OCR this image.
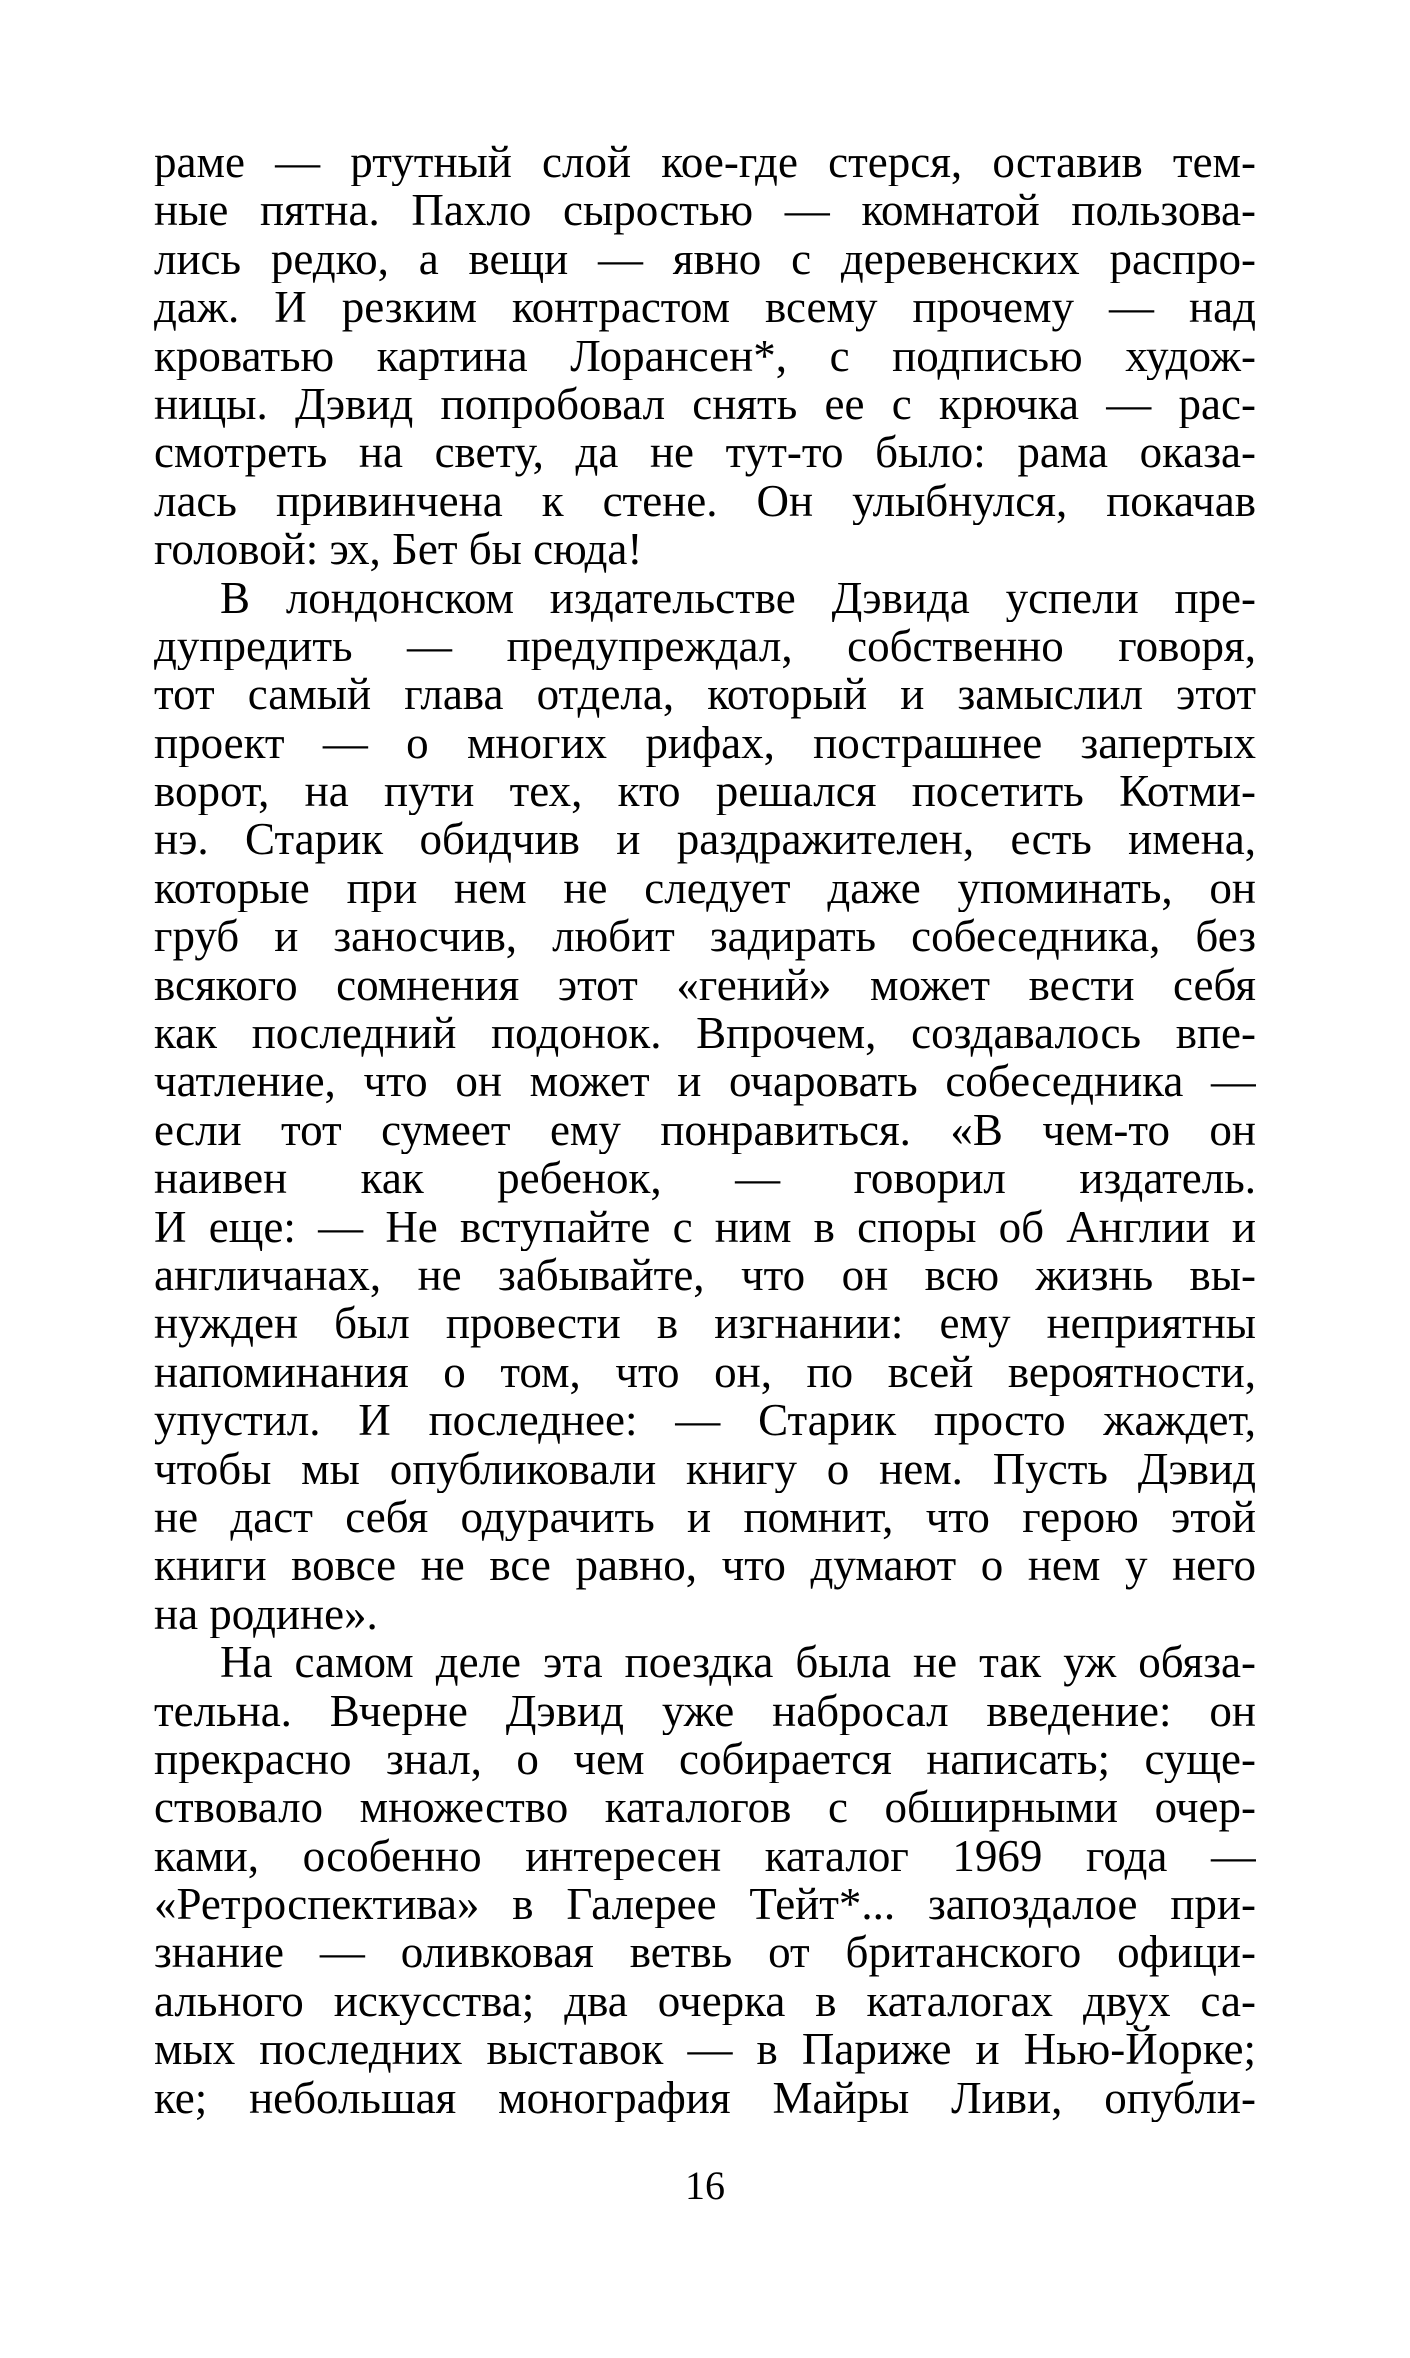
раме — ртутный слой кое-где стерся, оставив тем-
ные пятна. Пахло сыростью — комнатой пользова-
лись редко, а вещи — явно с деревенских распро-
даж. И резким контрастом всему прочему — над
кроватью картина Лорансен*, с подписью худож-
ницы. Дэвид попробовал снять ее с крючка — рас-
смотреть на свету, да не тут-то было: рама оказа-
лась привинчена к стене. Он улыбнулся, покачав
головой: эх, Бет бы сюда!
В лондонском издательстве Дэвида успели пре-
дупредить — предупреждал, собственно говоря,
тот самый глава отдела, который и замыслил этот
проект — о многих рифах, пострашнее запертых
ворот, на пути тех, кто решался посетить Котми-
нэ. Старик обидчив и раздражителен, есть имена,
которые при нем не следует даже упоминать, он
груб и заносчив, любит задирать собеседника, без
всякого сомнения этот «гений» может вести себя
как последний подонок. Впрочем, создавалось впе-
чатление, что он может и очаровать собеседника —
если тот сумеет ему понравиться. «В чем-то он
наивен как ребенок, — говорил издатель.
И еще: — Не вступайте с ним в споры об Англии и
англичанах, не забывайте, что он всю жизнь вы-
нужден был провести в изгнании: ему неприятны
напоминания о том, что он, по всей вероятности,
упустил. И последнее: — Старик просто жаждет,
чтобы мы опубликовали книгу о нем. Пусть Дэвид
не даст себя одурачить и помнит, что герою этой
книги вовсе не все равно, что думают о нем у него
на родине».
На самом деле эта поездка была не так уж обяза-
тельна. Вчерне Дэвид уже набросал введение: он
прекрасно знал, о чем собирается написать; суще-
ствовало множество каталогов с обширными очер-
ками, особенно интересен каталог 1969 года —
«Ретроспектива» в Галерее Тейт*... запоздалое при-
знание — оливковая ветвь от британского офици-
ального искусства; два очерка в каталогах двух са-
мых последних выставок — в Париже и Нью-Йорке;
ке; небольшая монография Майры Ливи, опубли-
16
